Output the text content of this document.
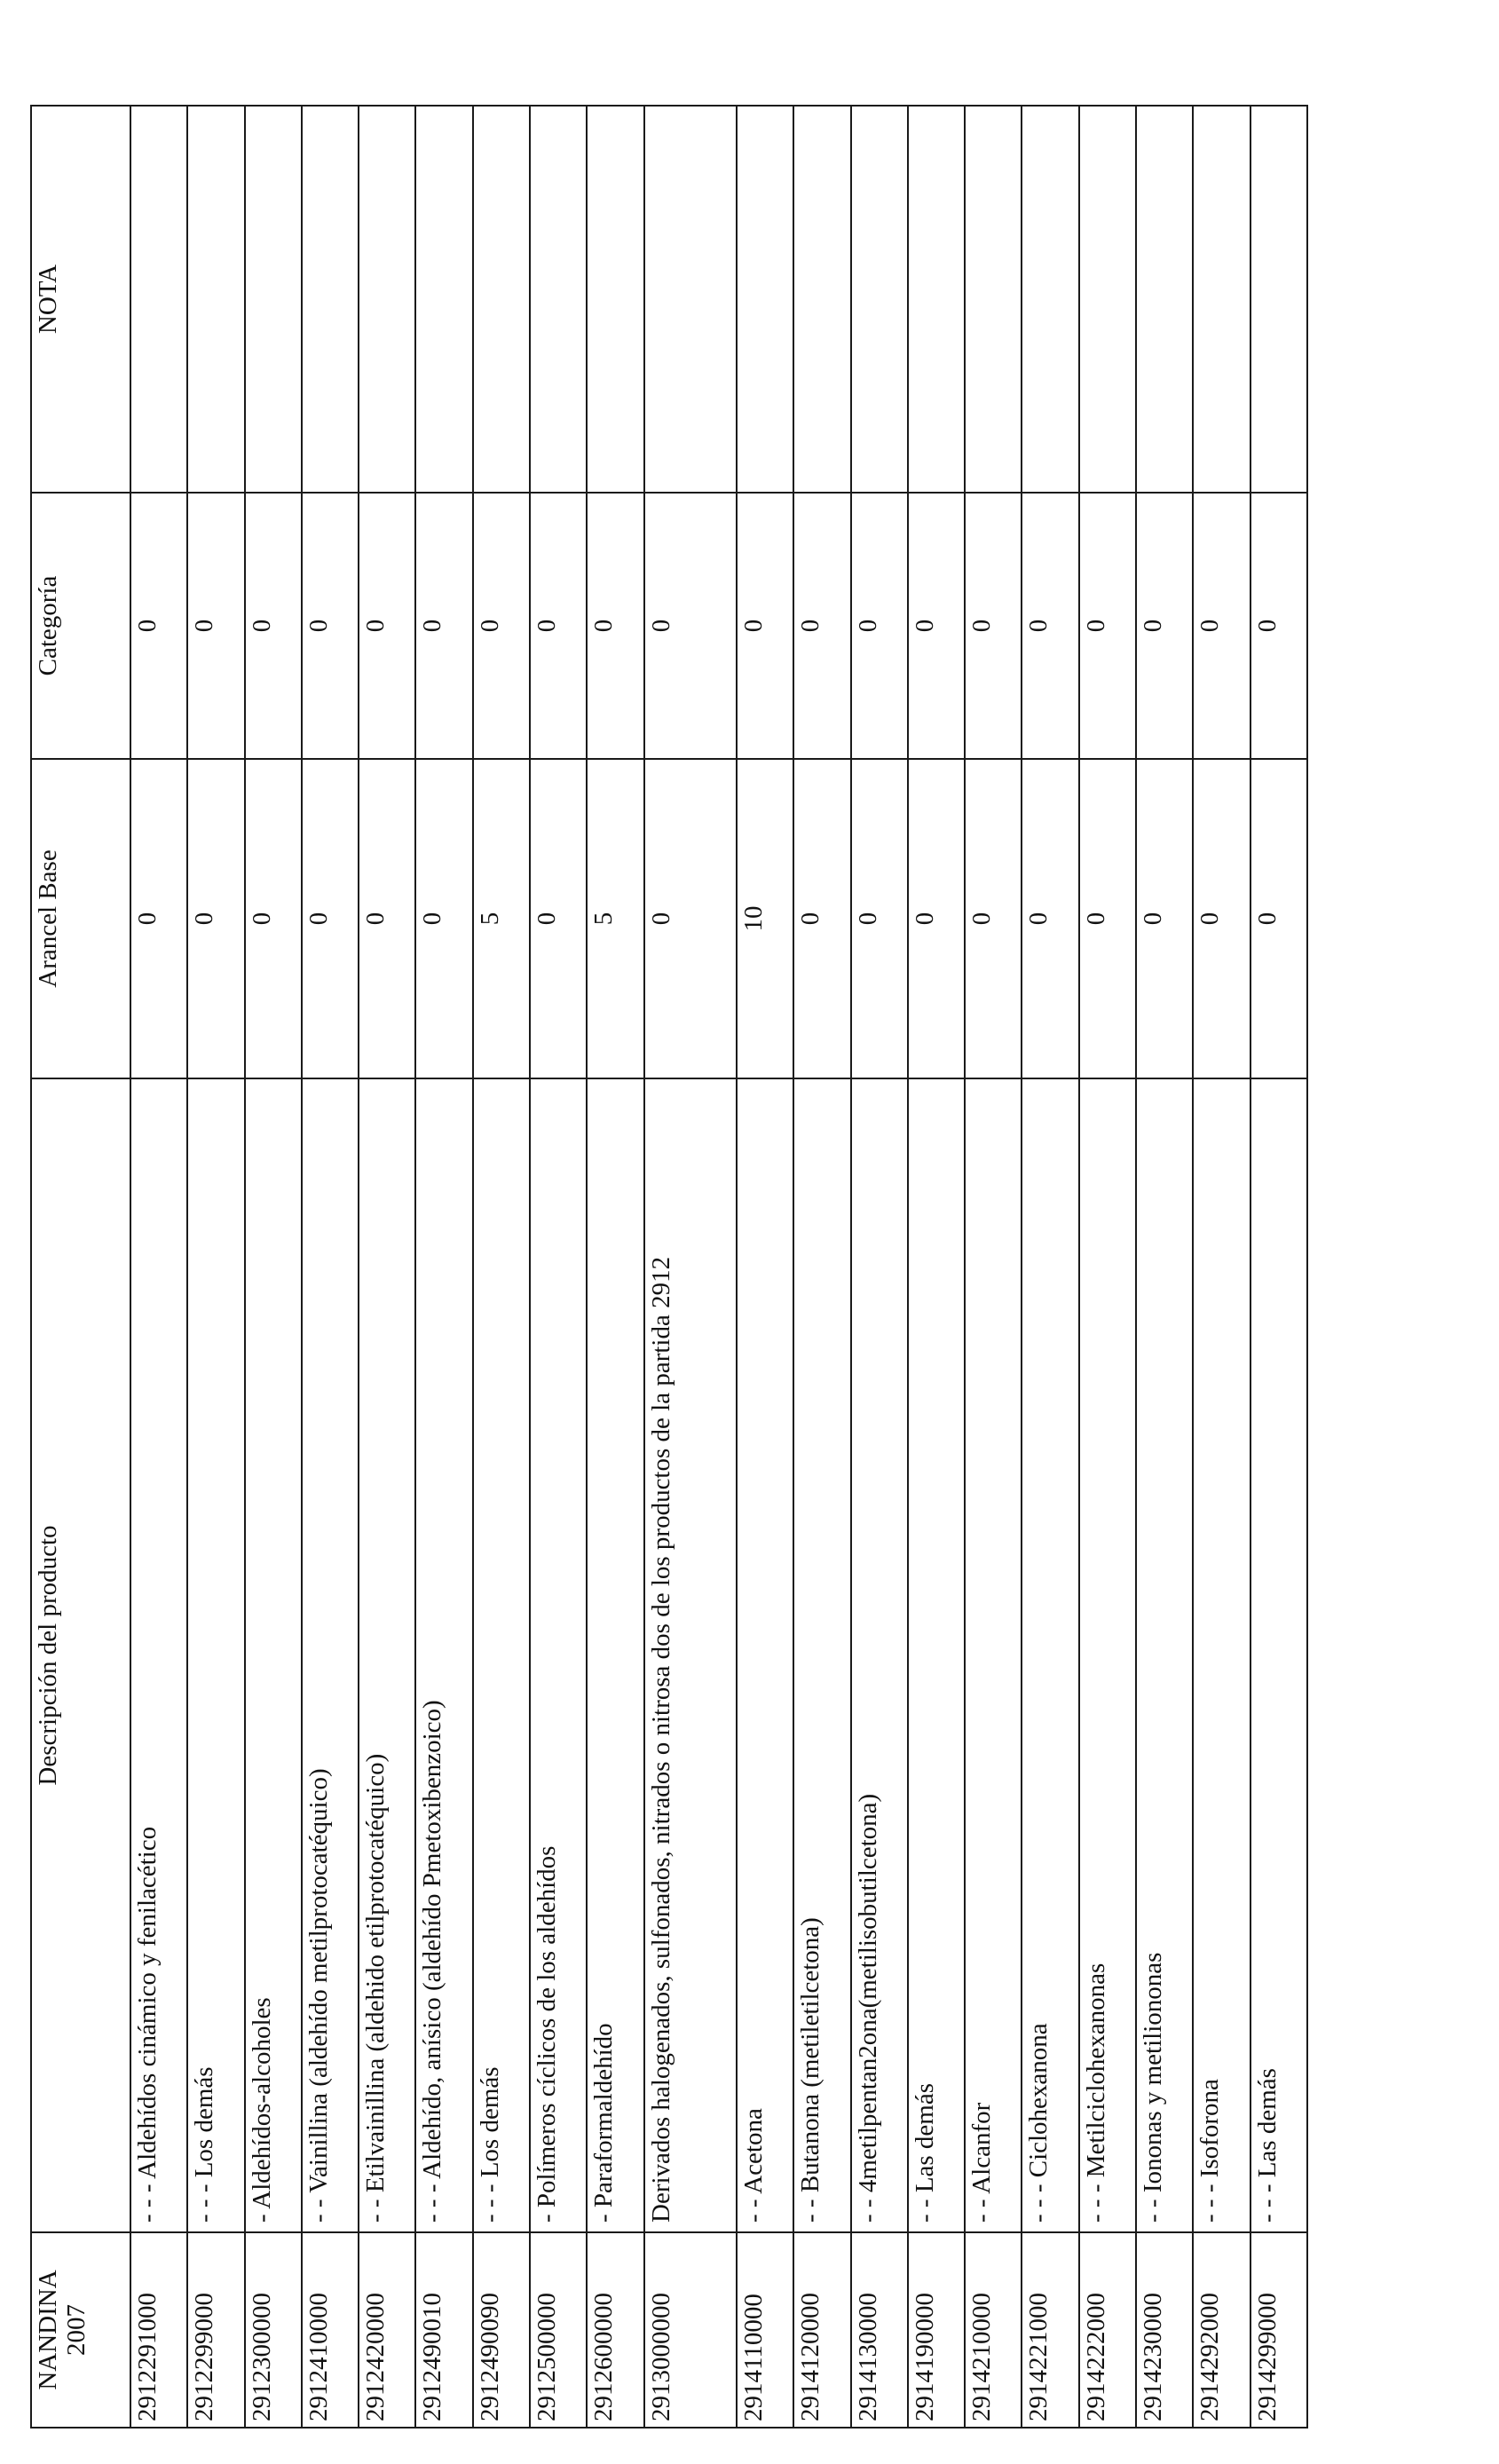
NANDINA 2007	Descripción del producto	Arancel Base	Categoría	NOTA
2912291000	- - - Aldehídos cinámico y fenilacético	0	0	
2912299000	- - - Los demás	0	0	
2912300000	- Aldehídos-alcoholes	0	0	
2912410000	- - Vainillina (aldehído metilprotocatéquico)	0	0	
2912420000	- - Etilvainillina (aldehido etilprotocatéquico)	0	0	
2912490010	- - - Aldehído, anísico (aldehído Pmetoxibenzoico)	0	0	
2912490090	- - - Los demás	5	0	
2912500000	- Polímeros cíclicos de los aldehídos	0	0	
2912600000	- Paraformaldehído	5	0	
2913000000	Derivados halogenados, sulfonados, nitrados o nitrosa dos de los productos de la partida 2912	0	0	
2914110000	- - Acetona	10	0	
2914120000	- - Butanona (metiletilcetona)	0	0	
2914130000	- - 4metilpentan2ona(metilisobutilcetona)	0	0	
2914190000	- - Las demás	0	0	
2914210000	- - Alcanfor	0	0	
2914221000	- - - Ciclohexanona	0	0	
2914222000	- - - Metilciclohexanonas	0	0	
2914230000	- - Iononas y metiliononas	0	0	
2914292000	- - - Isoforona	0	0	
2914299000	- - - Las demás	0	0	
